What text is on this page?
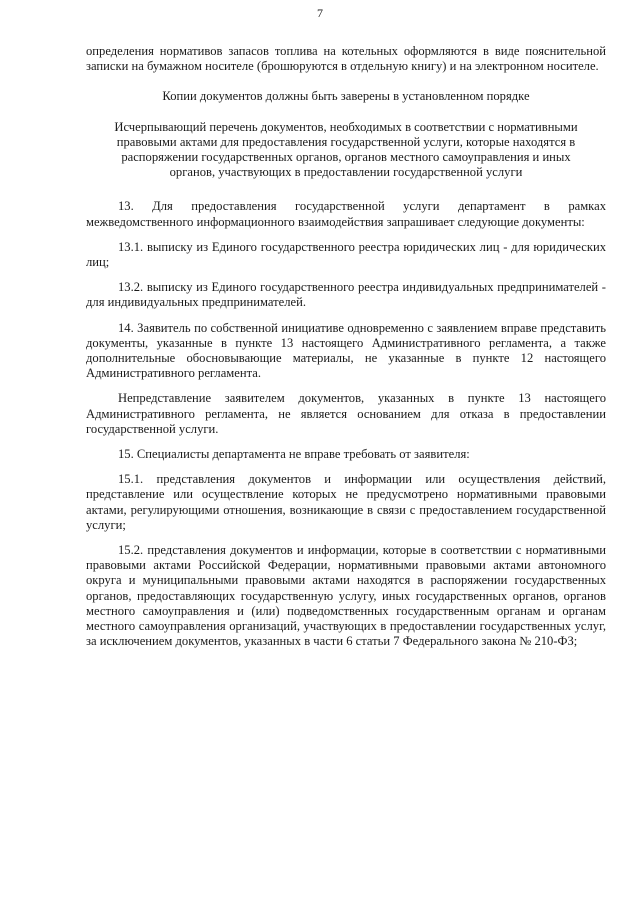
7

определения нормативов запасов топлива на котельных оформляются в виде пояснительной записки на бумажном носителе (брошюруются в отдельную книгу) и на электронном носителе.

Копии документов должны быть заверены в установленном порядке

Исчерпывающий перечень документов, необходимых в соответствии с нормативными правовыми актами для предоставления государственной услуги, которые находятся в распоряжении государственных органов, органов местного самоуправления и иных органов, участвующих в предоставлении государственной услуги

13. Для предоставления государственной услуги департамент в рамках межведомственного информационного взаимодействия запрашивает следующие документы:

13.1. выписку из Единого государственного реестра юридических лиц - для юридических лиц;

13.2. выписку из Единого государственного реестра индивидуальных предпринимателей - для индивидуальных предпринимателей.

14. Заявитель по собственной инициативе одновременно с заявлением вправе представить документы, указанные в пункте 13 настоящего Административного регламента, а также дополнительные обосновывающие материалы, не указанные в пункте 12 настоящего Административного регламента.

Непредставление заявителем документов, указанных в пункте 13 настоящего Административного регламента, не является основанием для отказа в предоставлении государственной услуги.

15. Специалисты департамента не вправе требовать от заявителя:

15.1. представления документов и информации или осуществления действий, представление или осуществление которых не предусмотрено нормативными правовыми актами, регулирующими отношения, возникающие в связи с предоставлением государственной услуги;

15.2. представления документов и информации, которые в соответствии с нормативными правовыми актами Российской Федерации, нормативными правовыми актами автономного округа и муниципальными правовыми актами находятся в распоряжении государственных органов, предоставляющих государственную услугу, иных государственных органов, органов местного самоуправления и (или) подведомственных государственным органам и органам местного самоуправления организаций, участвующих в предоставлении государственных услуг, за исключением документов, указанных в части 6 статьи 7 Федерального закона № 210-ФЗ;
